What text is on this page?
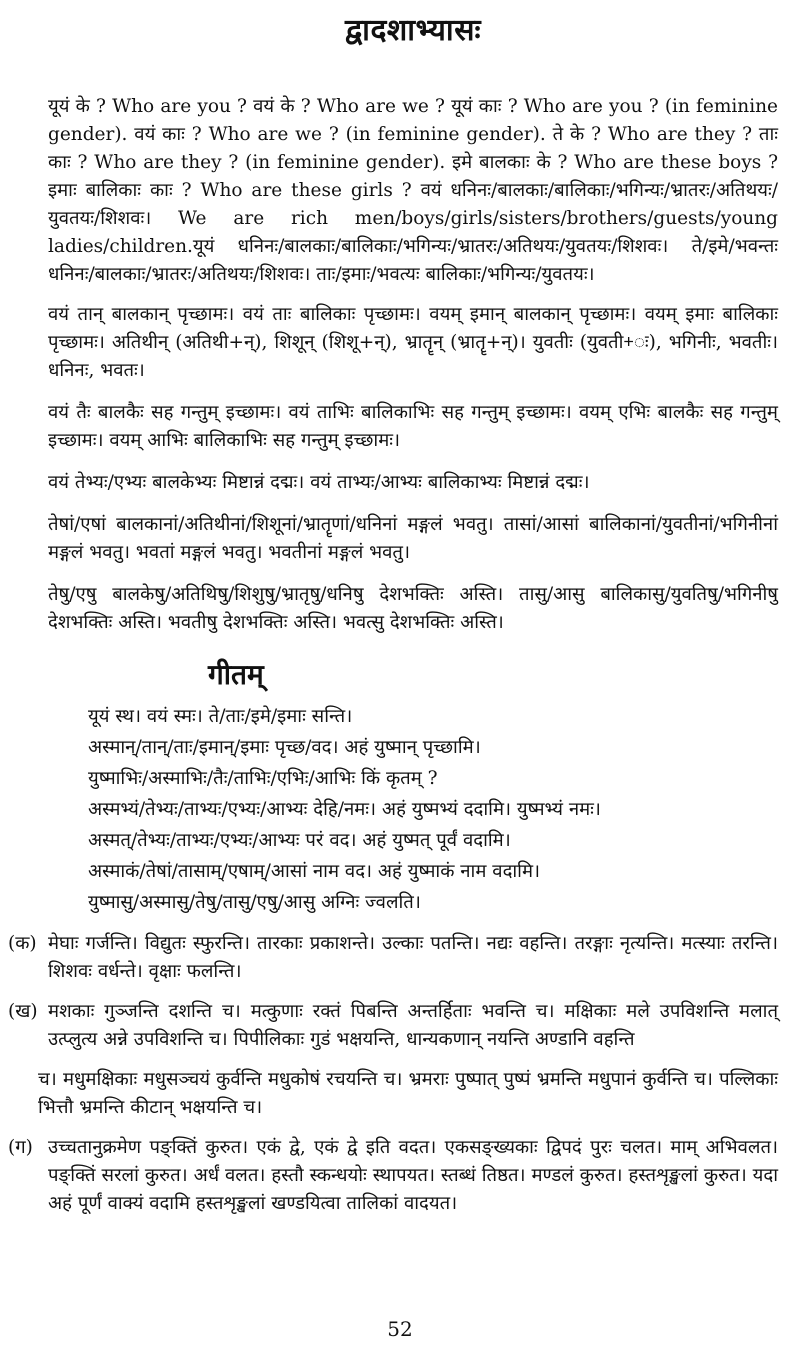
द्वादशाभ्यासः

यूयं के ? Who are you ? वयं के ? Who are we ? यूयं काः ? Who are you ? (in feminine gender). वयं काः ? Who are we ? (in feminine gender). ते के ? Who are they ? ताः काः ? Who are they ? (in feminine gender). इमे बालकाः के ? Who are these boys ? इमाः बालिकाः काः ? Who are these girls ? वयं धनिनः/बालकाः/बालिकाः/भगिन्यः/भ्रातरः/अतिथयः/युवतयः/शिशवः। We are rich men/boys/girls/sisters/brothers/guests/young ladies/children.यूयं धनिनः/बालकाः/बालिकाः/भगिन्यः/भ्रातरः/अतिथयः/युवतयः/शिशवः। ते/इमे/भवन्तः धनिनः/बालकाः/भ्रातरः/अतिथयः/शिशवः। ताः/इमाः/भवत्यः बालिकाः/भगिन्यः/युवतयः।

वयं तान् बालकान् पृच्छामः। वयं ताः बालिकाः पृच्छामः। वयम् इमान् बालकान् पृच्छामः। वयम् इमाः बालिकाः पृच्छामः। अतिथीन् (अतिथी+न्), शिशून् (शिशू+न्), भ्रातॄन् (भ्रातॄ+न्)। युवतीः (युवती+ः), भगिनीः, भवतीः। धनिनः, भवतः।

वयं तैः बालकैः सह गन्तुम् इच्छामः। वयं ताभिः बालिकाभिः सह गन्तुम् इच्छामः। वयम् एभिः बालकैः सह गन्तुम् इच्छामः। वयम् आभिः बालिकाभिः सह गन्तुम् इच्छामः।

वयं तेभ्यः/एभ्यः बालकेभ्यः मिष्टान्नं दद्मः। वयं ताभ्यः/आभ्यः बालिकाभ्यः मिष्टान्नं दद्मः।

तेषां/एषां बालकानां/अतिथीनां/शिशूनां/भ्रातॄणां/धनिनां मङ्गलं भवतु। तासां/आसां बालिकानां/युवतीनां/भगिनीनां मङ्गलं भवतु। भवतां मङ्गलं भवतु। भवतीनां मङ्गलं भवतु।

तेषु/एषु बालकेषु/अतिथिषु/शिशुषु/भ्रातृषु/धनिषु देशभक्तिः अस्ति। तासु/आसु बालिकासु/युवतिषु/भगिनीषु देशभक्तिः अस्ति। भवतीषु देशभक्तिः अस्ति। भवत्सु देशभक्तिः अस्ति।

गीतम्
यूयं स्थ। वयं स्मः। ते/ताः/इमे/इमाः सन्ति।
अस्मान्/तान्/ताः/इमान्/इमाः पृच्छ/वद। अहं युष्मान् पृच्छामि।
युष्माभिः/अस्माभिः/तैः/ताभिः/एभिः/आभिः किं कृतम् ?
अस्मभ्यं/तेभ्यः/ताभ्यः/एभ्यः/आभ्यः देहि/नमः। अहं युष्मभ्यं ददामि। युष्मभ्यं नमः।
अस्मत्/तेभ्यः/ताभ्यः/एभ्यः/आभ्यः परं वद। अहं युष्मत् पूर्वं वदामि।
अस्माकं/तेषां/तासाम्/एषाम्/आसां नाम वद। अहं युष्माकं नाम वदामि।
युष्मासु/अस्मासु/तेषु/तासु/एषु/आसु अग्निः ज्वलति।
(क) मेघाः गर्जन्ति। विद्युतः स्फुरन्ति। तारकाः प्रकाशन्ते। उल्काः पतन्ति। नद्यः वहन्ति। तरङ्गाः नृत्यन्ति। मत्स्याः तरन्ति। शिशवः वर्धन्ते। वृक्षाः फलन्ति।
(ख) मशकाः गुञ्जन्ति दशन्ति च। मत्कुणाः रक्तं पिबन्ति अन्तर्हिताः भवन्ति च। मक्षिकाः मले उपविशन्ति मलात् उत्प्लुत्य अन्ने उपविशन्ति च। पिपीलिकाः गुडं भक्षयन्ति, धान्यकणान् नयन्ति अण्डानि वहन्ति
च। मधुमक्षिकाः मधुसञ्चयं कुर्वन्ति मधुकोषं रचयन्ति च। भ्रमराः पुष्पात् पुष्पं भ्रमन्ति मधुपानं कुर्वन्ति च। पल्लिकाः भित्तौ भ्रमन्ति कीटान् भक्षयन्ति च।
(ग) उच्चतानुक्रमेण पङ्क्तिं कुरुत। एकं द्वे, एकं द्वे इति वदत। एकसङ्ख्यकाः द्विपदं पुरः चलत। माम् अभिवलत। पङ्क्तिं सरलां कुरुत। अर्धं वलत। हस्तौ स्कन्धयोः स्थापयत। स्तब्धं तिष्ठत। मण्डलं कुरुत। हस्तशृङ्खलां कुरुत। यदा अहं पूर्णं वाक्यं वदामि हस्तशृङ्खलां खण्डयित्वा तालिकां वादयत।
52
